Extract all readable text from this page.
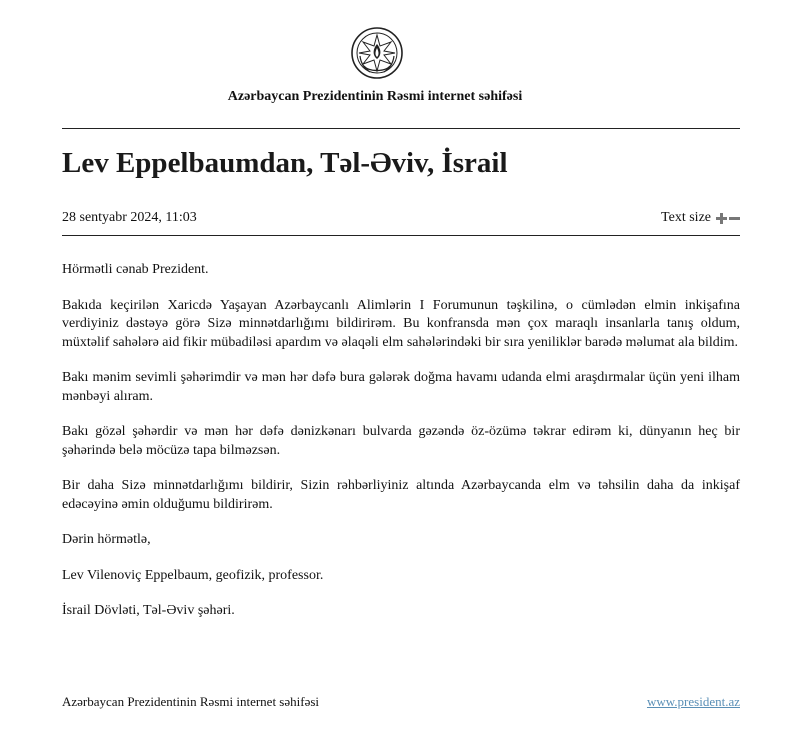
Azərbaycan Prezidentinin Rəsmi internet səhifəsi
Lev Eppelbaumdan, Təl-Əviv, İsrail
28 sentyabr 2024, 11:03	Text size

Hörmətli cənab Prezident.

Bakıda keçirilən Xaricdə Yaşayan Azərbaycanlı Alimlərin I Forumunun təşkilinə, o cümlədən elmin inkişafına verdiyiniz dəstəyə görə Sizə minnətdarlığımı bildirirəm. Bu konfransda mən çox maraqlı insanlarla tanış oldum, müxtəlif sahələrə aid fikir mübadiləsi apardım və əlaqəli elm sahələrindəki bir sıra yeniliklər barədə məlumat ala bildim.

Bakı mənim sevimli şəhərimdir və mən hər dəfə bura gələrək doğma havamı udanda elmi araşdırmalar üçün yeni ilham mənbəyi alıram.

Bakı gözəl şəhərdir və mən hər dəfə dənizkənarı bulvarda gəzəndə öz-özümə təkrar edirəm ki, dünyanın heç bir şəhərində belə möcüzə tapa bilməzsən.

Bir daha Sizə minnətdarlığımı bildirir, Sizin rəhbərliyiniz altında Azərbaycanda elm və təhsilin daha da inkişaf edəcəyinə əmin olduğumu bildirirəm.

Dərin hörmətlə,

Lev Vilenoviç Eppelbaum, geofizik, professor.

İsrail Dövləti, Təl-Əviv şəhəri.

Azərbaycan Prezidentinin Rəsmi internet səhifəsi	www.president.az
